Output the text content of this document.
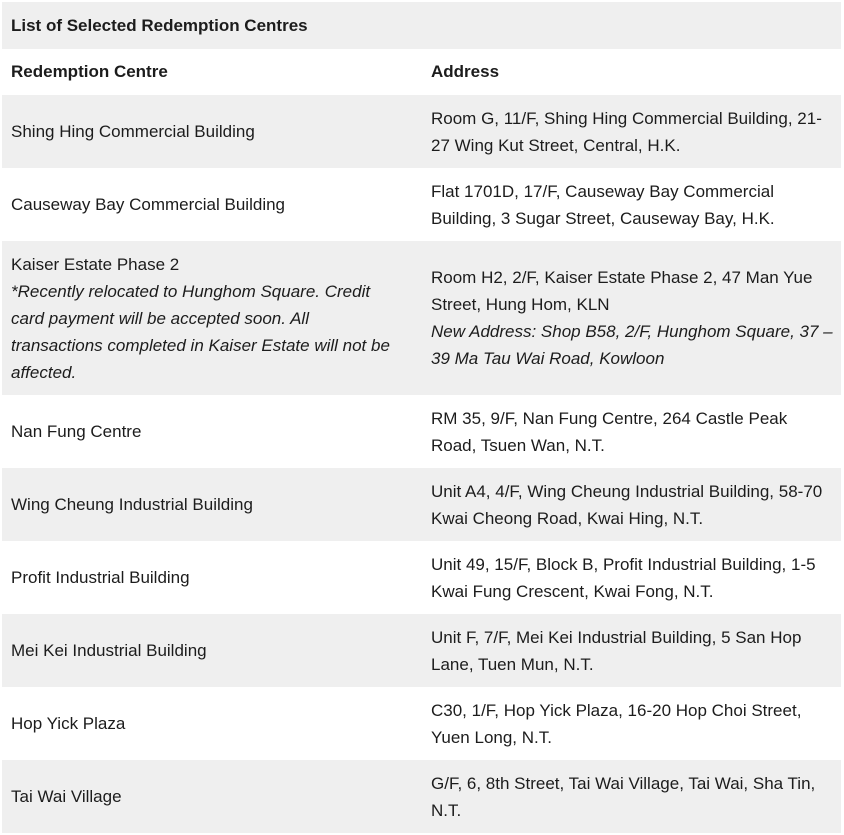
List of Selected Redemption Centres
Redemption Centre	Address
Shing Hing Commercial Building
Room G, 11/F, Shing Hing Commercial Building, 21-27 Wing Kut Street, Central, H.K.
Causeway Bay Commercial Building
Flat 1701D, 17/F, Causeway Bay Commercial Building, 3 Sugar Street, Causeway Bay, H.K.
Kaiser Estate Phase 2
*Recently relocated to Hunghom Square. Credit card payment will be accepted soon. All transactions completed in Kaiser Estate will not be affected.
Room H2, 2/F, Kaiser Estate Phase 2, 47 Man Yue Street, Hung Hom, KLN
New Address: Shop B58, 2/F, Hunghom Square, 37 – 39 Ma Tau Wai Road, Kowloon
Nan Fung Centre
RM 35, 9/F, Nan Fung Centre, 264 Castle Peak Road, Tsuen Wan, N.T.
Wing Cheung Industrial Building
Unit A4, 4/F, Wing Cheung Industrial Building, 58-70 Kwai Cheong Road, Kwai Hing, N.T.
Profit Industrial Building
Unit 49, 15/F, Block B, Profit Industrial Building, 1-5 Kwai Fung Crescent, Kwai Fong, N.T.
Mei Kei Industrial Building
Unit F, 7/F, Mei Kei Industrial Building, 5 San Hop Lane, Tuen Mun, N.T.
Hop Yick Plaza
C30, 1/F, Hop Yick Plaza, 16-20 Hop Choi Street, Yuen Long, N.T.
Tai Wai Village
G/F, 6, 8th Street, Tai Wai Village, Tai Wai, Sha Tin, N.T.
